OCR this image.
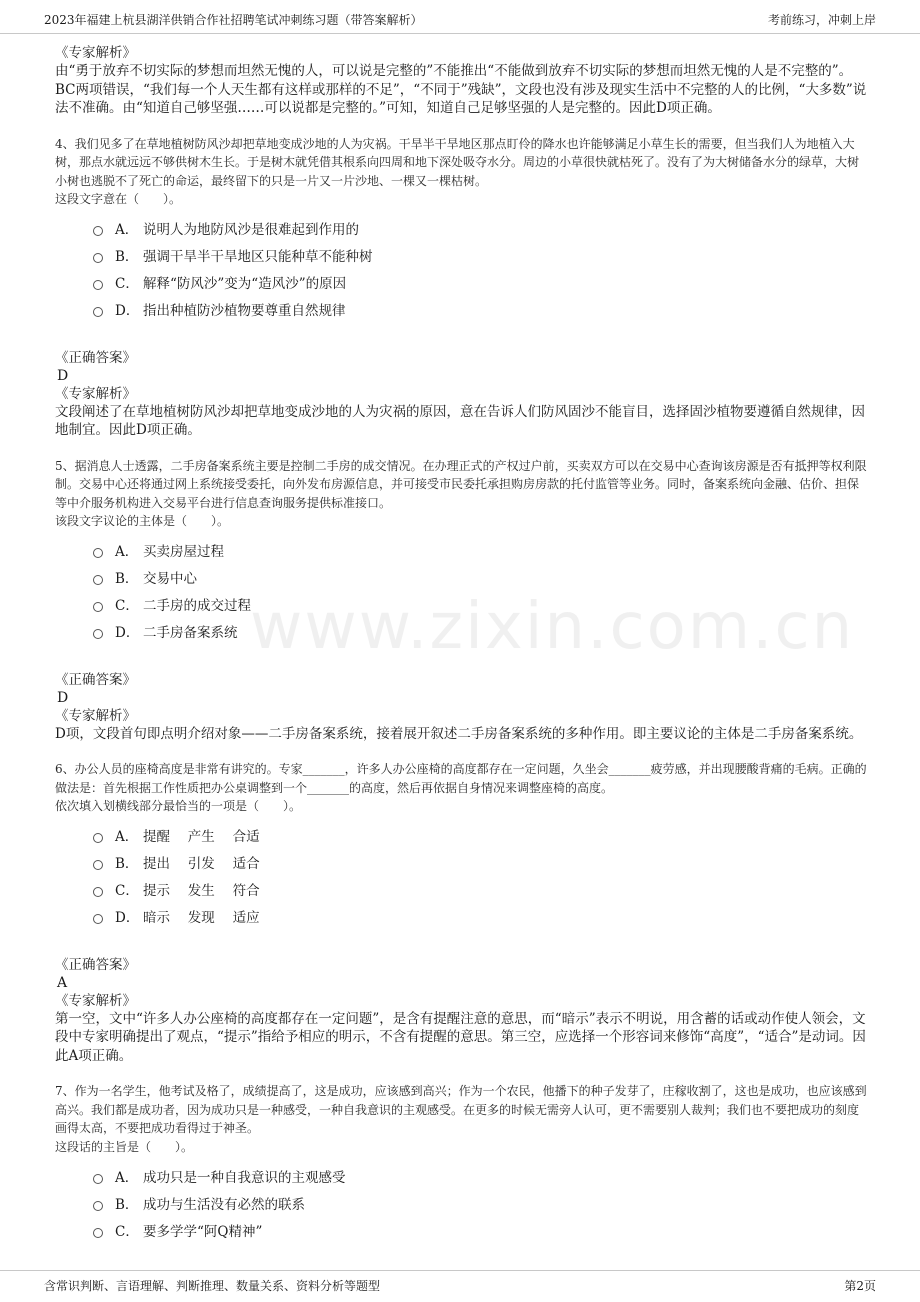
2023年福建上杭县湖洋供销合作社招聘笔试冲刺练习题（带答案解析）	考前练习，冲刺上岸
www.zixin.com.cn
《专家解析》
由“勇于放弃不切实际的梦想而坦然无愧的人，可以说是完整的”不能推出“不能做到放弃不切实际的梦想而坦然无愧的人是不完整的”。BC两项错误，“我们每一个人天生都有这样或那样的不足”，“不同于”残缺”，文段也没有涉及现实生活中不完整的人的比例，“大多数”说法不准确。由“知道自己够坚强……可以说都是完整的。”可知，知道自己足够坚强的人是完整的。因此D项正确。
4、我们见多了在草地植树防风沙却把草地变成沙地的人为灾祸。干旱半干旱地区那点盯伶的降水也许能够满足小草生长的需要，但当我们人为地植入大树，那点水就远远不够供树木生长。于是树木就凭借其根系向四周和地下深处吸夺水分。周边的小草很快就枯死了。没有了为大树储备水分的绿草，大树小树也逃脱不了死亡的命运，最终留下的只是一片又一片沙地、一棵又一棵枯树。
这段文字意在（　　）。
A． 说明人为地防风沙是很难起到作用的
B． 强调干旱半干旱地区只能种草不能种树
C． 解释“防风沙”变为“造风沙”的原因
D． 指出种植防沙植物要尊重自然规律
《正确答案》
D
《专家解析》
文段阐述了在草地植树防风沙却把草地变成沙地的人为灾祸的原因，意在告诉人们防风固沙不能盲目，选择固沙植物要遵循自然规律，因地制宜。因此D项正确。
5、据消息人士透露，二手房备案系统主要是控制二手房的成交情况。在办理正式的产权过户前，买卖双方可以在交易中心查询该房源是否有抵押等权利限制。交易中心还将通过网上系统接受委托，向外发布房源信息，并可接受市民委托承担购房房款的托付监管等业务。同时，备案系统向金融、估价、担保等中介服务机构进入交易平台进行信息查询服务提供标准接口。
该段文字议论的主体是（　　）。
A． 买卖房屋过程
B． 交易中心
C． 二手房的成交过程
D． 二手房备案系统
《正确答案》
D
《专家解析》
D项，文段首句即点明介绍对象——二手房备案系统，接着展开叙述二手房备案系统的多种作用。即主要议论的主体是二手房备案系统。
6、办公人员的座椅高度是非常有讲究的。专家_______，许多人办公座椅的高度都存在一定问题，久坐会_______疲劳感，并出现腰酸背痛的毛病。正确的做法是：首先根据工作性质把办公桌调整到一个_______的高度，然后再依据自身情况来调整座椅的高度。
依次填入划横线部分最恰当的一项是（　　）。
A． 提醒　 产生　 合适
B． 提出　 引发　 适合
C． 提示　 发生　 符合
D． 暗示　 发现　 适应
《正确答案》
A
《专家解析》
第一空，文中“许多人办公座椅的高度都存在一定问题”，是含有提醒注意的意思，而“暗示”表示不明说，用含蓄的话或动作使人领会，文段中专家明确提出了观点，“提示”指给予相应的明示，不含有提醒的意思。第三空，应选择一个形容词来修饰“高度”，“适合”是动词。因此A项正确。
7、作为一名学生，他考试及格了，成绩提高了，这是成功，应该感到高兴；作为一个农民，他播下的种子发芽了，庄稼收割了，这也是成功，也应该感到高兴。我们都是成功者，因为成功只是一种感受，一种自我意识的主观感受。在更多的时候无需旁人认可，更不需要别人裁判；我们也不要把成功的刻度画得太高，不要把成功看得过于神圣。
这段话的主旨是（　　）。
A． 成功只是一种自我意识的主观感受
B． 成功与生活没有必然的联系
C． 要多学学“阿Q精神”
含常识判断、言语理解、判断推理、数量关系、资料分析等题型	第2页
